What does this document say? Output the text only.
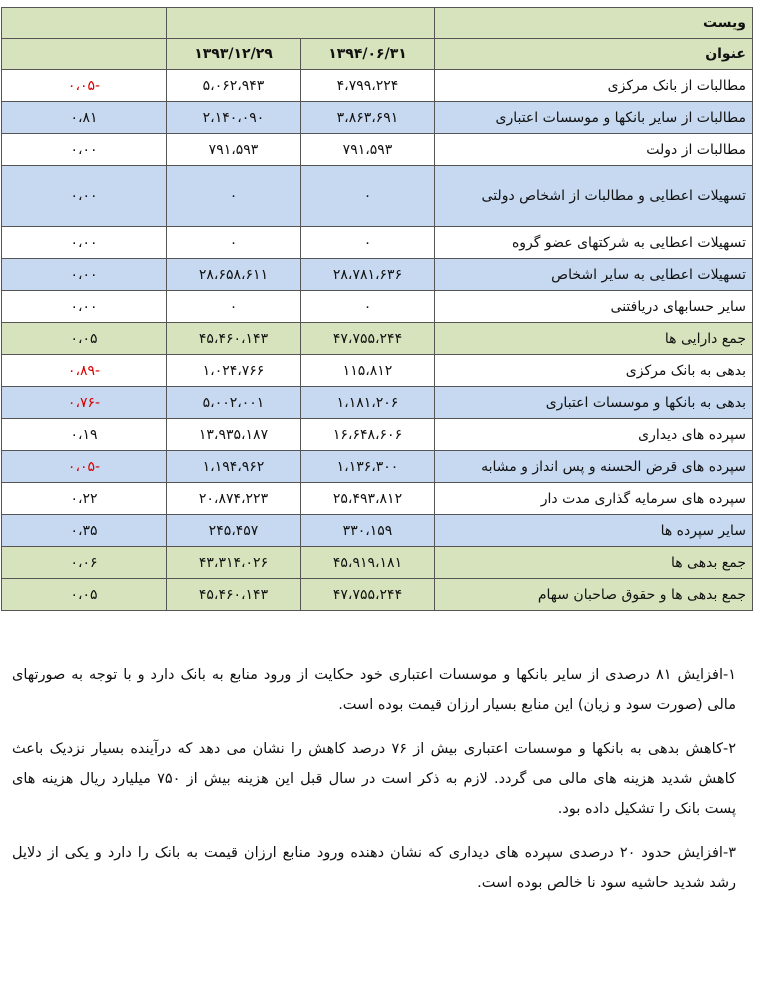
ویست			
عنوان	۱۳۹۴/۰۶/۳۱	۱۳۹۳/۱۲/۲۹	
مطالبات از بانک مرکزی	۴،۷۹۹،۲۲۴	۵،۰۶۲،۹۴۳	-۰،۰۵
مطالبات از سایر بانکها و موسسات اعتباری	۳،۸۶۳،۶۹۱	۲،۱۴۰،۰۹۰	۰،۸۱
مطالبات از دولت	۷۹۱،۵۹۳	۷۹۱،۵۹۳	۰،۰۰
تسهیلات اعطایی و مطالبات از اشخاص دولتی	۰	۰	۰،۰۰
تسهیلات اعطایی به شرکتهای عضو گروه	۰	۰	۰،۰۰
تسهیلات اعطایی به سایر اشخاص	۲۸،۷۸۱،۶۳۶	۲۸،۶۵۸،۶۱۱	۰،۰۰
سایر حسابهای دریافتنی	۰	۰	۰،۰۰
جمع دارایی ها	۴۷،۷۵۵،۲۴۴	۴۵،۴۶۰،۱۴۳	۰،۰۵
بدهی به بانک مرکزی	۱۱۵،۸۱۲	۱،۰۲۴،۷۶۶	-۰،۸۹
بدهی به بانکها و موسسات اعتباری	۱،۱۸۱،۲۰۶	۵،۰۰۲،۰۰۱	-۰،۷۶
سپرده های دیداری	۱۶،۶۴۸،۶۰۶	۱۳،۹۳۵،۱۸۷	۰،۱۹
سپرده های قرض الحسنه و پس انداز و مشابه	۱،۱۳۶،۳۰۰	۱،۱۹۴،۹۶۲	-۰،۰۵
سپرده های سرمایه گذاری مدت دار	۲۵،۴۹۳،۸۱۲	۲۰،۸۷۴،۲۲۳	۰،۲۲
سایر سپرده ها	۳۳۰،۱۵۹	۲۴۵،۴۵۷	۰،۳۵
جمع بدهی ها	۴۵،۹۱۹،۱۸۱	۴۳،۳۱۴،۰۲۶	۰،۰۶
جمع بدهی ها و حقوق صاحبان سهام	۴۷،۷۵۵،۲۴۴	۴۵،۴۶۰،۱۴۳	۰،۰۵

۱-افزایش ۸۱ درصدی از سایر بانکها و موسسات اعتباری خود حکایت از ورود منابع به بانک دارد و با توجه به صورتهای مالی (صورت سود و زیان) این منابع بسیار ارزان قیمت بوده است.

۲-کاهش بدهی به بانکها و موسسات اعتباری بیش از ۷۶ درصد کاهش را نشان می دهد که درآینده بسیار نزدیک باعث کاهش شدید هزینه های مالی می گردد. لازم به ذکر است در سال قبل این هزینه بیش از ۷۵۰ میلیارد ریال هزینه های پست بانک را تشکیل داده بود.

۳-افزایش حدود ۲۰ درصدی سپرده های دیداری که نشان دهنده ورود منابع ارزان قیمت به بانک را دارد و یکی از دلایل رشد شدید حاشیه سود نا خالص بوده است.
